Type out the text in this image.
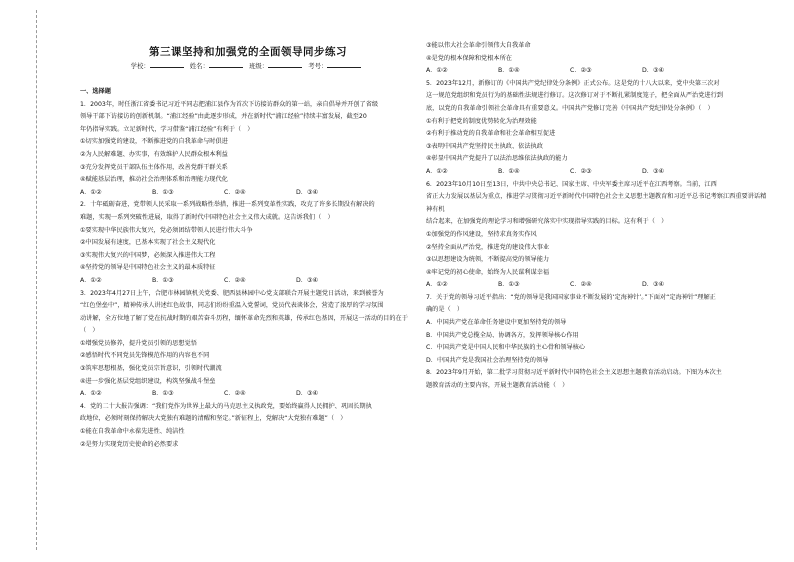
第三课坚持和加强党的全面领导同步练习
学校：	姓名：	班级：	考号：

一、选择题

1．2003年，时任浙江省委书记习近平同志把浦江县作为首次下访接访群众的第一站，亲自倡导并开创了省级

领导干部下访接访的创新机制。“浦江经验”由此逐步形成，并在新时代“浦江经验”持续丰富发展，截至20

年仍指导实践。立足新时代，学习借鉴“浦江经验”有利于（　）

①切实加强党的建设，不断推进党的自我革命与时俱进

②为人民解难题、办实事，有效维护人民群众根本利益

③充分发挥党员干部队伍主体作用，改善党群干群关系

④赋能基层治理，推动社会治理体系和治理能力现代化

A．①②	B．①③	C．②④	D．③④

2．十年砥砺奋进，党带领人民采取一系列战略性举措，推进一系列变革性实践，攻克了许多长期没有解决的

难题，实现一系列突破性进展，取得了新时代中国特色社会主义伟大成就。这告诉我们（　）

①要实现中华民族伟大复兴，党必须团结带领人民进行伟大斗争

②中国发展有速度，已基本实现了社会主义现代化

③实现伟大复兴的中国梦，必须深入推进伟大工程

④坚持党的领导是中国特色社会主义的最本质特征

A．①②	B．①③	C．②④	D．③④

3．2023年4月27日上午，合肥市林园镇机关党委、肥西县林园中心党支部联合开展主题党日活动，来到被誉为

“红色堡垒中”，精神传承人讲述红色故事，同志们纷纷重温入党誓词，党员代表谈体会，营造了浓厚的学习氛围

动讲解，全方位地了解了党在抗战时期的艰苦奋斗历程，缅怀革命先烈和英雄，传承红色基因，开展这一活动的目的在于（　）

①增强党员修养，提升党员引领的思想觉悟

②感悟时代不同党员先锋模范作用的内容也不同

③筑牢思想根基，强化党员宗旨意识，引领时代潮流

④进一步强化基层党组织建设，构筑坚强战斗堡垒

A．①②	B．①③	C．②④	D．③④

4．党的二十大报告强调：“我们党作为世界上最大的马克思主义执政党，要始终赢得人民拥护、巩固长期执

政地位，必须时刻保持解决大党独有难题的清醒和坚定。”新征程上，党解决“大党独有难题”（　）

①能在自我革命中永葆先进性、纯洁性

②是努力实现党历史使命的必然要求

③能以伟大社会革命引领伟大自我革命

④是党的根本保障和党根本所在

A．①②	B．①④	C．②③	D．③④

5．2023年12月，新修订的《中国共产党纪律处分条例》正式公布。这是党的十八大以来，党中央第三次对

这一规范党组织和党员行为的基础性法规进行修订。这次修订对于不断扎紧制度笼子，把全面从严治党进行到

底，以党的自我革命引领社会革命具有重要意义。中国共产党修订完善《中国共产党纪律处分条例》（　）

①有利于把党的制度优势转化为治理效能

②有利于推动党的自我革命和社会革命相互促进

③表明中国共产党坚持民主执政、依法执政

④彰显中国共产党提升了以法治思维依法执政的能力

A．①②	B．①④	C．②③	D．③④

6．2023年10月10日至13日，中共中央总书记、国家主席、中央军委主席习近平在江西考察。当前，江西

省正大力发展以基层为重点，推进学习贯彻习近平新时代中国特色社会主义思想主题教育和习近平总书记考察江西重要讲话精神有机

结合起来，在加强党的理论学习和增强研究落实中实现指导实践的目标。这有利于（　）

①加强党的作风建设，坚持求真务实作风

②坚持全面从严治党，推进党的建设伟大事业

③以思想建设为统领，不断提高党的领导能力

④牢记党的初心使命，始终为人民谋利谋幸福

A．①②	B．①③	C．②④	D．③④

7．关于党的领导习近平指出：“党的领导是我国国家事业不断发展的‘定海神针’。”下面对“定海神针”理解正

确的是（　）

A．中国共产党在革命任务建设中更加坚持党的领导

B．中国共产党总揽全局、协调各方，发挥领导核心作用

C．中国共产党是中国人民和中华民族的主心骨和领导核心

D．中国共产党是我国社会治理坚持党的领导

8．2023年9月开始，第二批学习贯彻习近平新时代中国特色社会主义思想主题教育活动启动。下图为本次主

题教育活动的主要内容，开展主题教育活动能（　）
